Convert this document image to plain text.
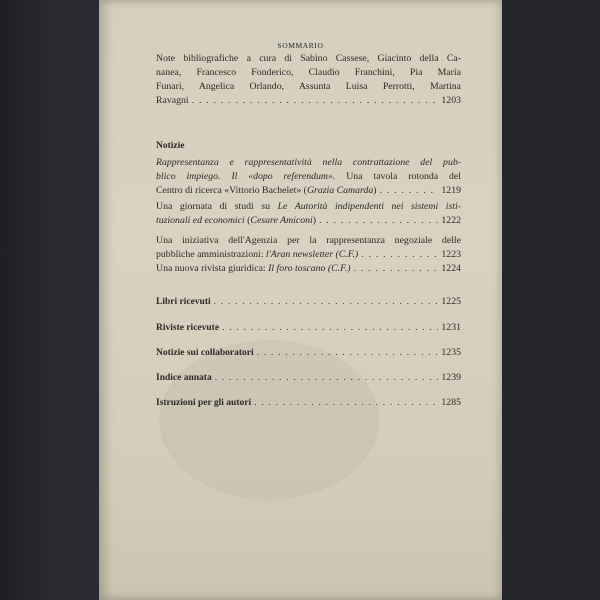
SOMMARIO
Note bibliografiche a cura di Sabino Cassese, Giacinto della Ca-
nanea, Francesco Fonderico, Claudio Franchini, Pia Maria
Funari, Angelica Orlando, Assunta Luisa Perrotti, Martina
Ravagni . . .	1203
Notizie
Rappresentanza e rappresentatività nella contrattazione del pub-
blico impiego. Il «dopo referendum». Una tavola rotonda del
Centro di ricerca «Vittorio Bachelet» (Grazia Camarda) . . .	1219
Una giornata di studi su Le Autorità indipendenti nei sistemi isti-
tuzionali ed economici (Cesare Amiconi) . . .	1222
Una iniziativa dell'Agenzia per la rappresentanza negoziale delle
pubbliche amministrazioni: l'Aran newsletter (C.F.) . . .	1223
Una nuova rivista giuridica: Il foro toscano (C.F.) . . .	1224
Libri ricevuti . . .	1225
Riviste ricevute . . .	1231
Notizie sui collaboratori . . .	1235
Indice annata . . .	1239
Istruzioni per gli autori . . .	1285
